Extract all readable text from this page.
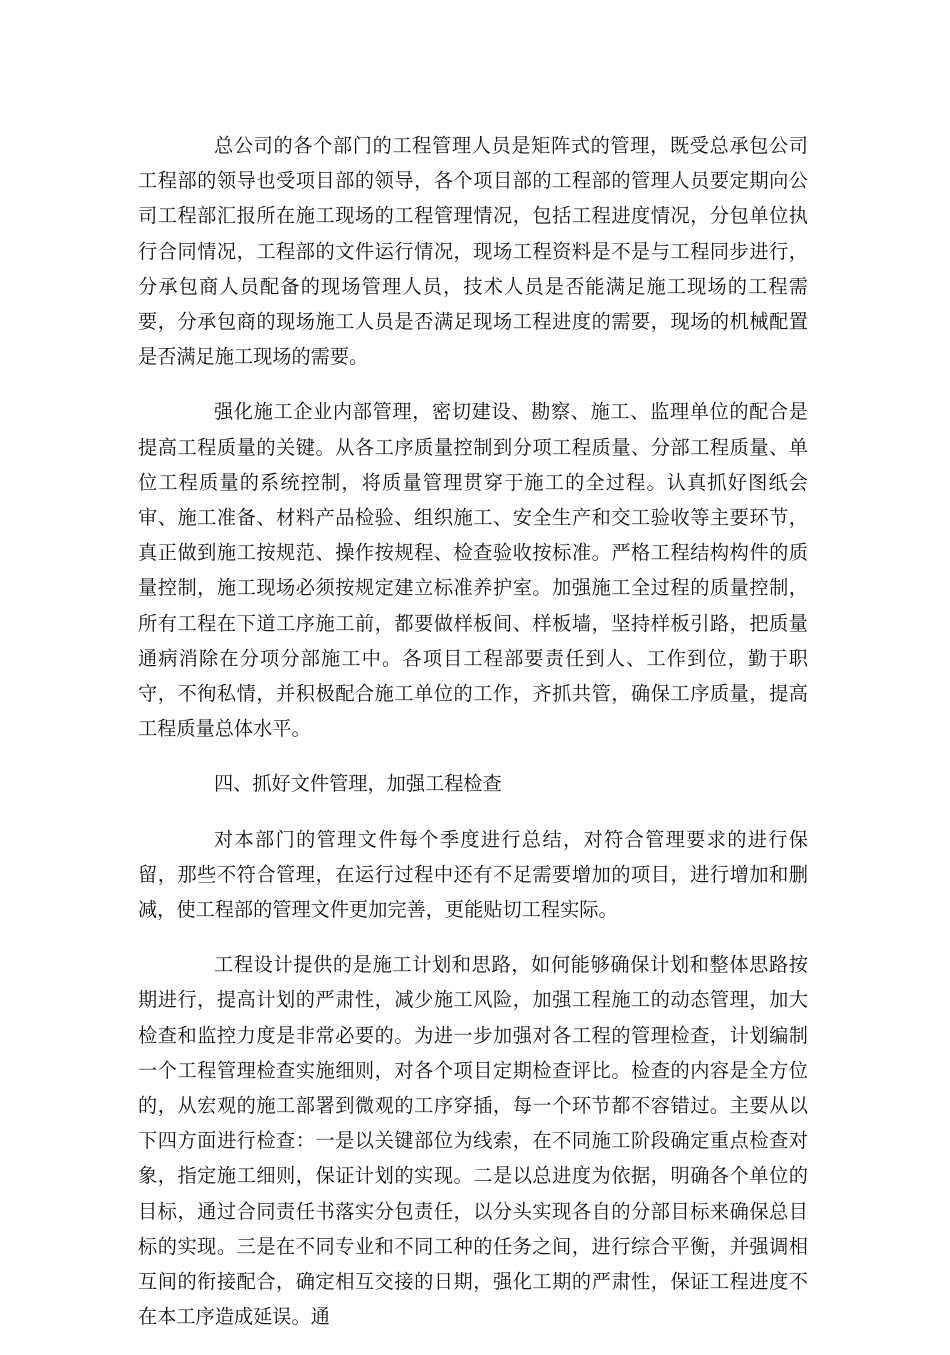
总公司的各个部门的工程管理人员是矩阵式的管理，既受总承包公司工程部的领导也受项目部的领导，各个项目部的工程部的管理人员要定期向公司工程部汇报所在施工现场的工程管理情况，包括工程进度情况，分包单位执行合同情况，工程部的文件运行情况，现场工程资料是不是与工程同步进行，分承包商人员配备的现场管理人员，技术人员是否能满足施工现场的工程需要，分承包商的现场施工人员是否满足现场工程进度的需要，现场的机械配置是否满足施工现场的需要。

强化施工企业内部管理，密切建设、勘察、施工、监理单位的配合是提高工程质量的关键。从各工序质量控制到分项工程质量、分部工程质量、单位工程质量的系统控制，将质量管理贯穿于施工的全过程。认真抓好图纸会审、施工准备、材料产品检验、组织施工、安全生产和交工验收等主要环节，真正做到施工按规范、操作按规程、检查验收按标准。严格工程结构构件的质量控制，施工现场必须按规定建立标准养护室。加强施工全过程的质量控制，所有工程在下道工序施工前，都要做样板间、样板墙，坚持样板引路，把质量通病消除在分项分部施工中。各项目工程部要责任到人、工作到位，勤于职守，不徇私情，并积极配合施工单位的工作，齐抓共管，确保工序质量，提高工程质量总体水平。

四、抓好文件管理，加强工程检查

对本部门的管理文件每个季度进行总结，对符合管理要求的进行保留，那些不符合管理，在运行过程中还有不足需要增加的项目，进行增加和删减，使工程部的管理文件更加完善，更能贴切工程实际。

工程设计提供的是施工计划和思路，如何能够确保计划和整体思路按期进行，提高计划的严肃性，减少施工风险，加强工程施工的动态管理，加大检查和监控力度是非常必要的。为进一步加强对各工程的管理检查，计划编制一个工程管理检查实施细则，对各个项目定期检查评比。检查的内容是全方位的，从宏观的施工部署到微观的工序穿插，每一个环节都不容错过。主要从以下四方面进行检查：一是以关键部位为线索，在不同施工阶段确定重点检查对象，指定施工细则，保证计划的实现。二是以总进度为依据，明确各个单位的目标，通过合同责任书落实分包责任，以分头实现各自的分部目标来确保总目标的实现。三是在不同专业和不同工种的任务之间，进行综合平衡，并强调相互间的衔接配合，确定相互交接的日期，强化工期的严肃性，保证工程进度不在本工序造成延误。通
